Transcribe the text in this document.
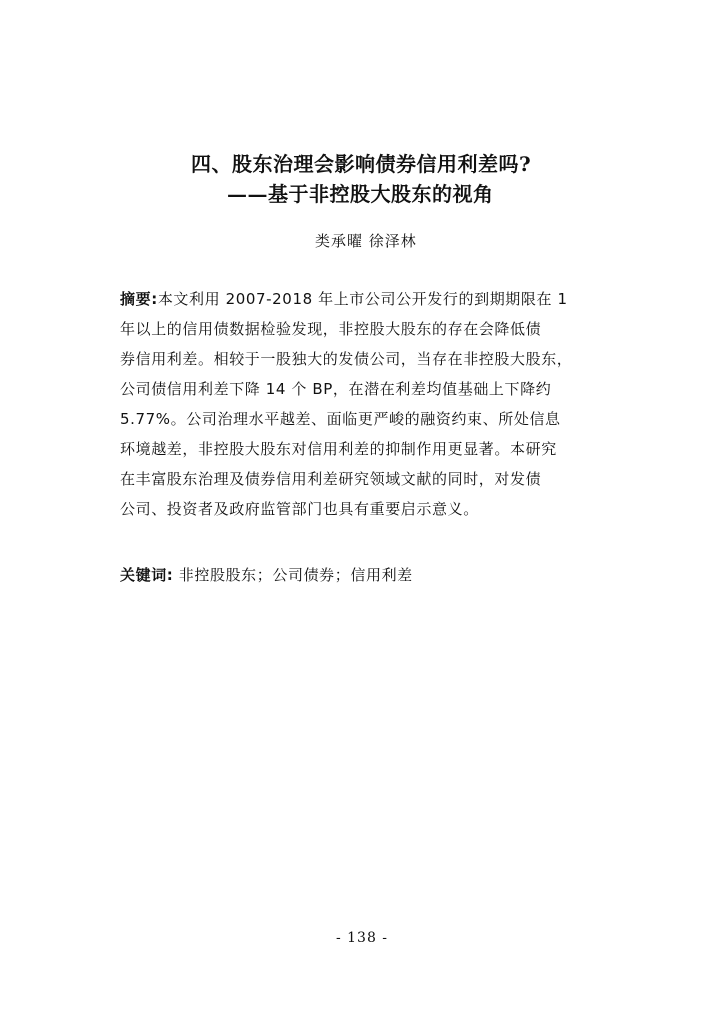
四、股东治理会影响债券信用利差吗?
——基于非控股大股东的视角
类承曜 徐泽林
摘要:本文利用 2007-2018 年上市公司公开发行的到期期限在 1
年以上的信用债数据检验发现，非控股大股东的存在会降低债
券信用利差。相较于一股独大的发债公司，当存在非控股大股东，
公司债信用利差下降 14 个 BP，在潜在利差均值基础上下降约
5.77%。公司治理水平越差、面临更严峻的融资约束、所处信息
环境越差，非控股大股东对信用利差的抑制作用更显著。本研究
在丰富股东治理及债券信用利差研究领域文献的同时，对发债
公司、投资者及政府监管部门也具有重要启示意义。
关键词: 非控股股东；公司债券；信用利差
- 138 -
